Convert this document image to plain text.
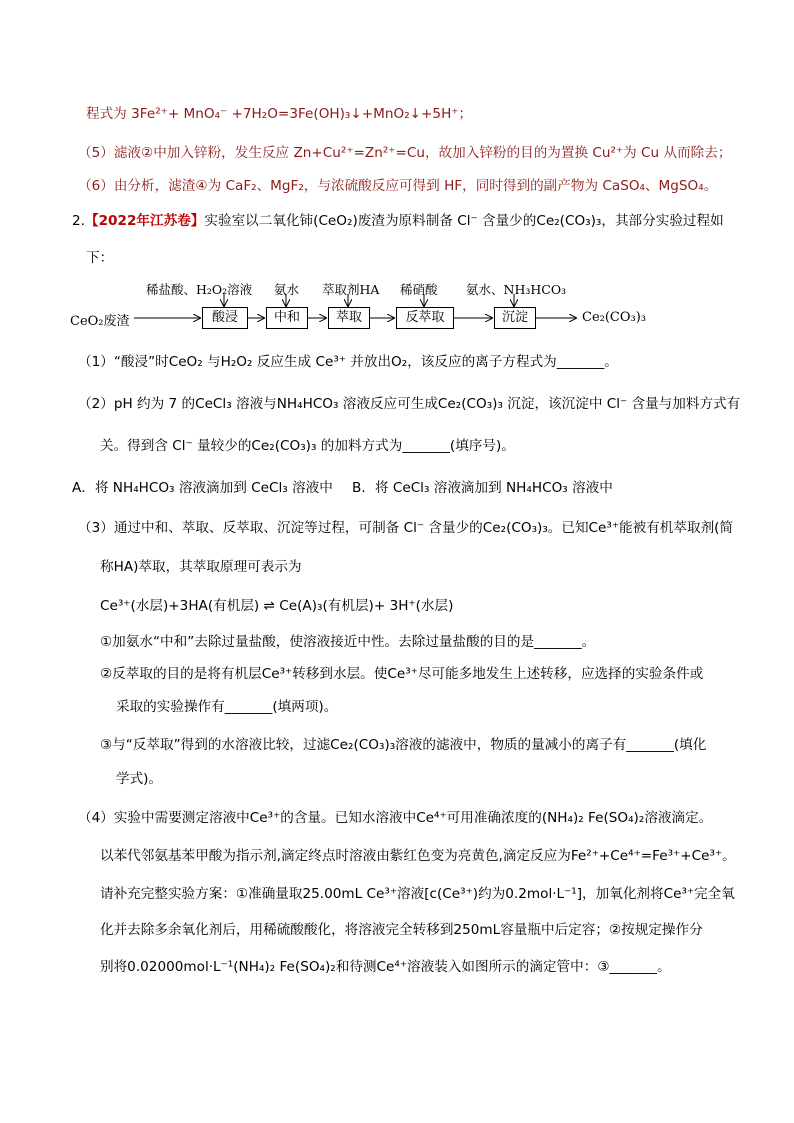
程式为 3Fe²⁺+ MnO₄⁻ +7H₂O=3Fe(OH)₃↓+MnO₂↓+5H⁺；
（5）滤液②中加入锌粉，发生反应 Zn+Cu²⁺=Zn²⁺=Cu，故加入锌粉的目的为置换 Cu²⁺为 Cu 从而除去；
（6）由分析，滤渣④为 CaF₂、MgF₂，与浓硫酸反应可得到 HF，同时得到的副产物为 CaSO₄、MgSO₄。
2.【2022年江苏卷】实验室以二氧化铈(CeO₂)废渣为原料制备 Cl⁻ 含量少的Ce₂(CO₃)₃，其部分实验过程如
下：
CeO₂废渣	酸浸	中和	萃取	反萃取	沉淀	Ce₂(CO₃)₃
稀盐酸、H₂O₂溶液 氨水 萃取剂HA 稀硝酸 氨水、NH₃HCO₃
（1）“酸浸”时CeO₂ 与H₂O₂ 反应生成 Ce³⁺ 并放出O₂，该反应的离子方程式为_______。
（2）pH 约为 7 的CeCl₃ 溶液与NH₄HCO₃ 溶液反应可生成Ce₂(CO₃)₃ 沉淀，该沉淀中 Cl⁻ 含量与加料方式有
关。得到含 Cl⁻ 量较少的Ce₂(CO₃)₃ 的加料方式为_______(填序号)。
A．将 NH₄HCO₃ 溶液滴加到 CeCl₃ 溶液中 B．将 CeCl₃ 溶液滴加到 NH₄HCO₃ 溶液中
（3）通过中和、萃取、反萃取、沉淀等过程，可制备 Cl⁻ 含量少的Ce₂(CO₃)₃。已知Ce³⁺能被有机萃取剂(简
称HA)萃取，其萃取原理可表示为
Ce³⁺(水层)+3HA(有机层) ⇌ Ce(A)₃(有机层)+ 3H⁺(水层)
①加氨水“中和”去除过量盐酸，使溶液接近中性。去除过量盐酸的目的是_______。
②反萃取的目的是将有机层Ce³⁺转移到水层。使Ce³⁺尽可能多地发生上述转移，应选择的实验条件或
采取的实验操作有_______(填两项)。
③与“反萃取”得到的水溶液比较，过滤Ce₂(CO₃)₃溶液的滤液中，物质的量减小的离子有_______(填化
学式)。
（4）实验中需要测定溶液中Ce³⁺的含量。已知水溶液中Ce⁴⁺可用准确浓度的(NH₄)₂ Fe(SO₄)₂溶液滴定。
以苯代邻氨基苯甲酸为指示剂,滴定终点时溶液由紫红色变为亮黄色,滴定反应为Fe²⁺+Ce⁴⁺=Fe³⁺+Ce³⁺。
请补充完整实验方案：①准确量取25.00mL Ce³⁺溶液[c(Ce³⁺)约为0.2mol·L⁻¹]，加氧化剂将Ce³⁺完全氧
化并去除多余氧化剂后，用稀硫酸酸化，将溶液完全转移到250mL容量瓶中后定容；②按规定操作分
别将0.02000mol·L⁻¹(NH₄)₂ Fe(SO₄)₂和待测Ce⁴⁺溶液装入如图所示的滴定管中：③_______。
